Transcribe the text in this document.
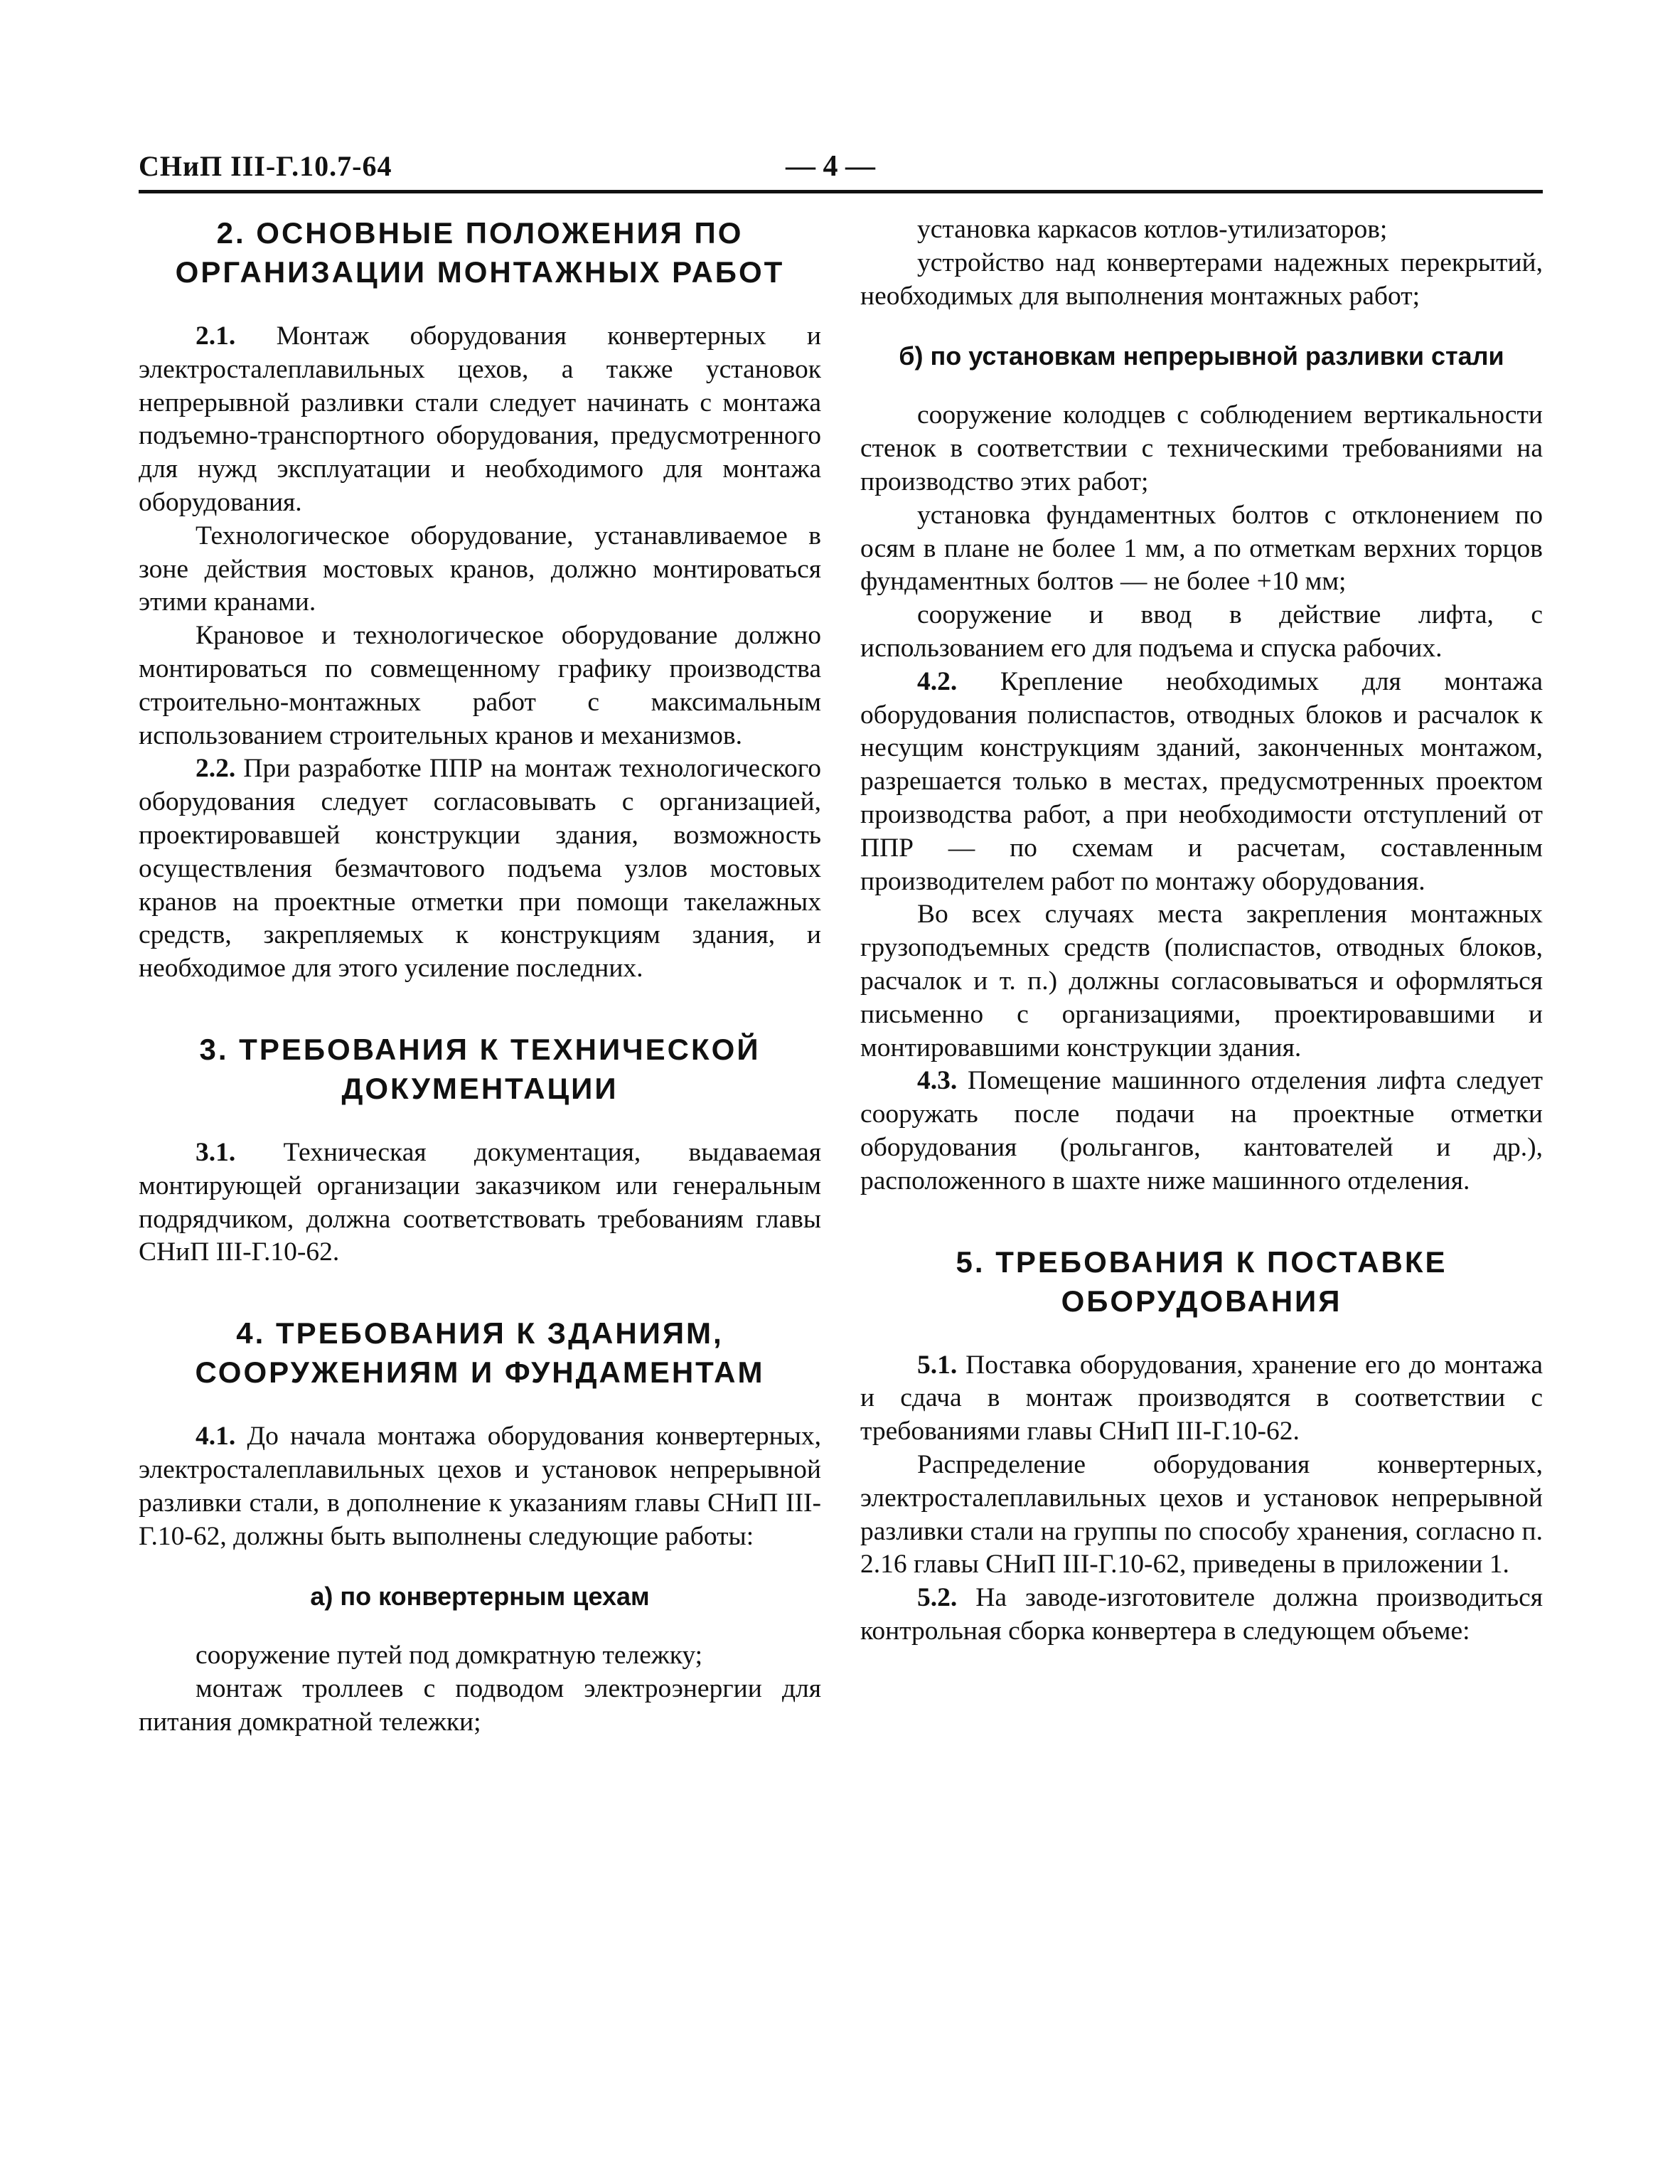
СНиП III-Г.10.7-64	— 4 —
2. ОСНОВНЫЕ ПОЛОЖЕНИЯ ПО ОРГАНИЗАЦИИ МОНТАЖНЫХ РАБОТ

2.1. Монтаж оборудования конвертерных и электросталеплавильных цехов, а также установок непрерывной разливки стали следует начинать с монтажа подъемно-транспортного оборудования, предусмотренного для нужд эксплуатации и необходимого для монтажа оборудования.

Технологическое оборудование, устанавливаемое в зоне действия мостовых кранов, должно монтироваться этими кранами.

Крановое и технологическое оборудование должно монтироваться по совмещенному графику производства строительно-монтажных работ с максимальным использованием строительных кранов и механизмов.

2.2. При разработке ППР на монтаж технологического оборудования следует согласовывать с организацией, проектировавшей конструкции здания, возможность осуществления безмачтового подъема узлов мостовых кранов на проектные отметки при помощи такелажных средств, закрепляемых к конструкциям здания, и необходимое для этого усиление последних.

3. ТРЕБОВАНИЯ К ТЕХНИЧЕСКОЙ ДОКУМЕНТАЦИИ

3.1. Техническая документация, выдаваемая монтирующей организации заказчиком или генеральным подрядчиком, должна соответствовать требованиям главы СНиП III-Г.10-62.

4. ТРЕБОВАНИЯ К ЗДАНИЯМ, СООРУЖЕНИЯМ И ФУНДАМЕНТАМ

4.1. До начала монтажа оборудования конвертерных, электросталеплавильных цехов и установок непрерывной разливки стали, в дополнение к указаниям главы СНиП III-Г.10-62, должны быть выполнены следующие работы:

а) по конвертерным цехам

сооружение путей под домкратную тележку;

монтаж троллеев с подводом электроэнергии для питания домкратной тележки;

установка каркасов котлов-утилизаторов;

устройство над конвертерами надежных перекрытий, необходимых для выполнения монтажных работ;

б) по установкам непрерывной разливки стали

сооружение колодцев с соблюдением вертикальности стенок в соответствии с техническими требованиями на производство этих работ;

установка фундаментных болтов с отклонением по осям в плане не более 1 мм, а по отметкам верхних торцов фундаментных болтов — не более +10 мм;

сооружение и ввод в действие лифта, с использованием его для подъема и спуска рабочих.

4.2. Крепление необходимых для монтажа оборудования полиспастов, отводных блоков и расчалок к несущим конструкциям зданий, законченных монтажом, разрешается только в местах, предусмотренных проектом производства работ, а при необходимости отступлений от ППР — по схемам и расчетам, составленным производителем работ по монтажу оборудования.

Во всех случаях места закрепления монтажных грузоподъемных средств (полиспастов, отводных блоков, расчалок и т. п.) должны согласовываться и оформляться письменно с организациями, проектировавшими и монтировавшими конструкции здания.

4.3. Помещение машинного отделения лифта следует сооружать после подачи на проектные отметки оборудования (рольгангов, кантователей и др.), расположенного в шахте ниже машинного отделения.

5. ТРЕБОВАНИЯ К ПОСТАВКЕ ОБОРУДОВАНИЯ

5.1. Поставка оборудования, хранение его до монтажа и сдача в монтаж производятся в соответствии с требованиями главы СНиП III-Г.10-62.

Распределение оборудования конвертерных, электросталеплавильных цехов и установок непрерывной разливки стали на группы по способу хранения, согласно п. 2.16 главы СНиП III-Г.10-62, приведены в приложении 1.

5.2. На заводе-изготовителе должна производиться контрольная сборка конвертера в следующем объеме:
